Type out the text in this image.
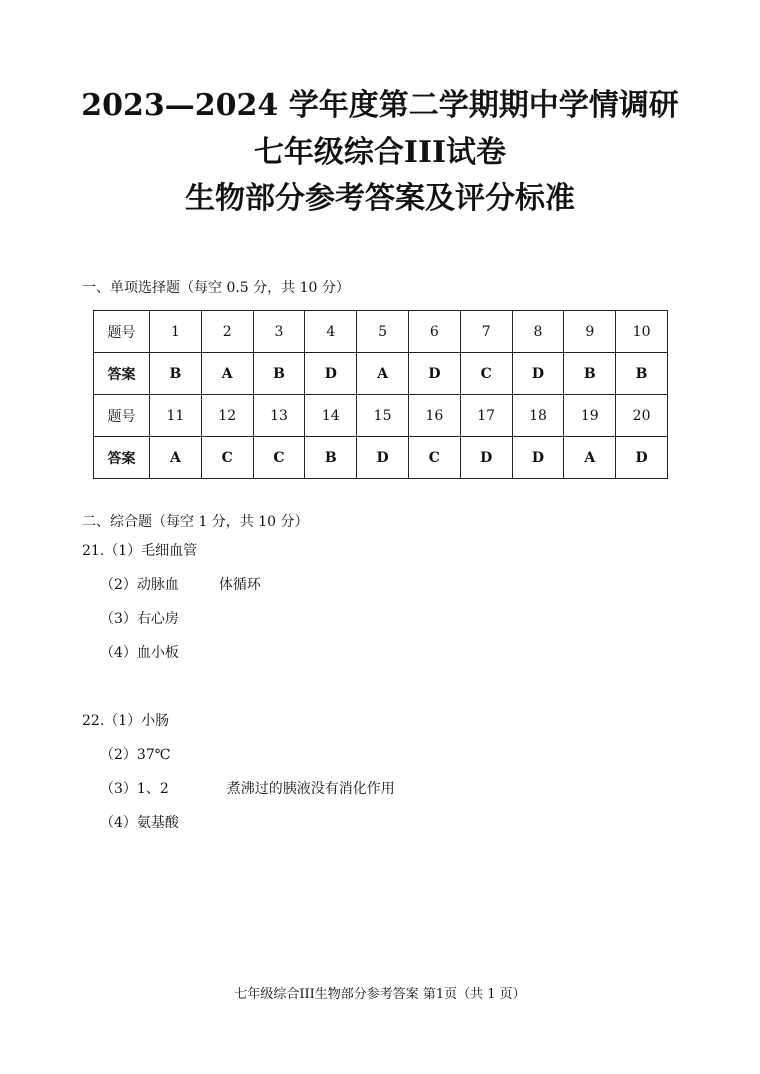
2023—2024 学年度第二学期期中学情调研
七年级综合III试卷
生物部分参考答案及评分标准
一、单项选择题（每空 0.5 分，共 10 分）
题号	1	2	3	4	5	6	7	8	9	10
答案	B	A	B	D	A	D	C	D	B	B
题号	11	12	13	14	15	16	17	18	19	20
答案	A	C	C	B	D	C	D	D	A	D
二、综合题（每空 1 分，共 10 分）
21.（1）毛细血管
（2）动脉血	体循环
（3）右心房
（4）血小板
22.（1）小肠
（2）37℃
（3）1、2	煮沸过的胰液没有消化作用
（4）氨基酸
七年级综合III生物部分参考答案 第1页（共 1 页）
